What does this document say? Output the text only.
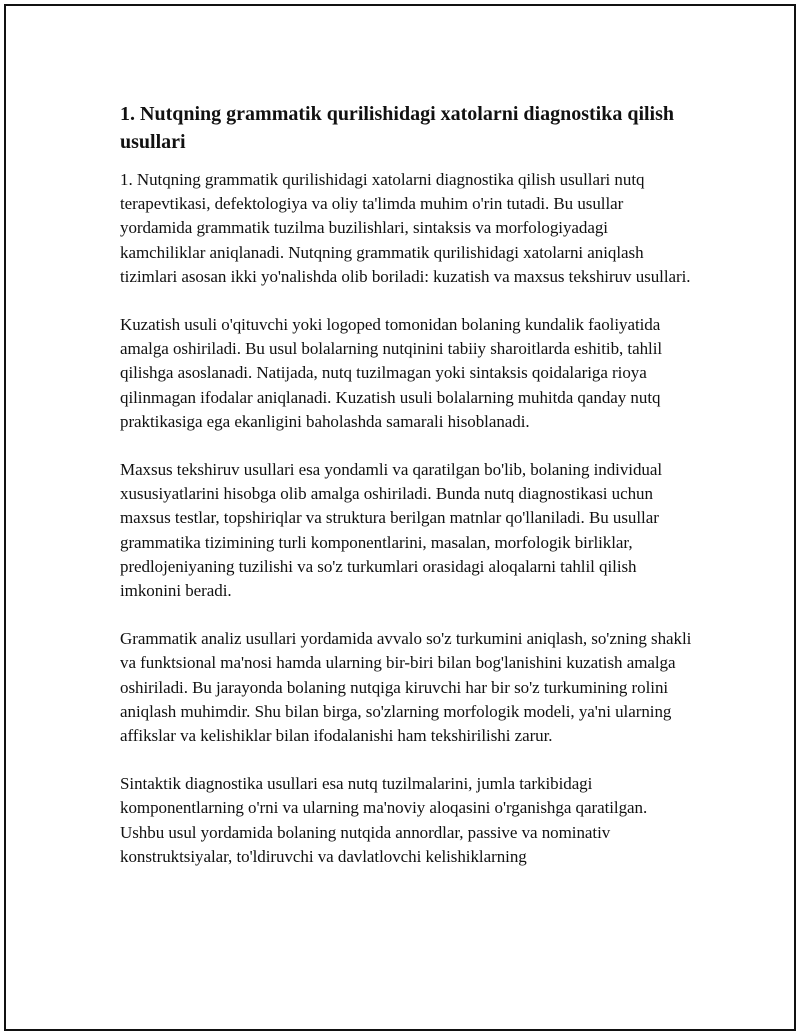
1. Nutqning grammatik qurilishidagi xatolarni diagnostika qilish usullari

1. Nutqning grammatik qurilishidagi xatolarni diagnostika qilish usullari nutq terapevtikasi, defektologiya va oliy ta'limda muhim o'rin tutadi. Bu usullar yordamida grammatik tuzilma buzilishlari, sintaksis va morfologiyadagi kamchiliklar aniqlanadi. Nutqning grammatik qurilishidagi xatolarni aniqlash tizimlari asosan ikki yo'nalishda olib boriladi: kuzatish va maxsus tekshiruv usullari.

Kuzatish usuli o'qituvchi yoki logoped tomonidan bolaning kundalik faoliyatida amalga oshiriladi. Bu usul bolalarning nutqinini tabiiy sharoitlarda eshitib, tahlil qilishga asoslanadi. Natijada, nutq tuzilmagan yoki sintaksis qoidalariga rioya qilinmagan ifodalar aniqlanadi. Kuzatish usuli bolalarning muhitda qanday nutq praktikasiga ega ekanligini baholashda samarali hisoblanadi.

Maxsus tekshiruv usullari esa yondamli va qaratilgan bo'lib, bolaning individual xususiyatlarini hisobga olib amalga oshiriladi. Bunda nutq diagnostikasi uchun maxsus testlar, topshiriqlar va struktura berilgan matnlar qo'llaniladi. Bu usullar grammatika tizimining turli komponentlarini, masalan, morfologik birliklar, predlojeniyaning tuzilishi va so'z turkumlari orasidagi aloqalarni tahlil qilish imkonini beradi.

Grammatik analiz usullari yordamida avvalo so'z turkumini aniqlash, so'zning shakli va funktsional ma'nosi hamda ularning bir-biri bilan bog'lanishini kuzatish amalga oshiriladi. Bu jarayonda bolaning nutqiga kiruvchi har bir so'z turkumining rolini aniqlash muhimdir. Shu bilan birga, so'zlarning morfologik modeli, ya'ni ularning affikslar va kelishiklar bilan ifodalanishi ham tekshirilishi zarur.

Sintaktik diagnostika usullari esa nutq tuzilmalarini, jumla tarkibidagi komponentlarning o'rni va ularning ma'noviy aloqasini o'rganishga qaratilgan. Ushbu usul yordamida bolaning nutqida annordlar, passive va nominativ konstruktsiyalar, to'ldiruvchi va davlatlovchi kelishiklarning
